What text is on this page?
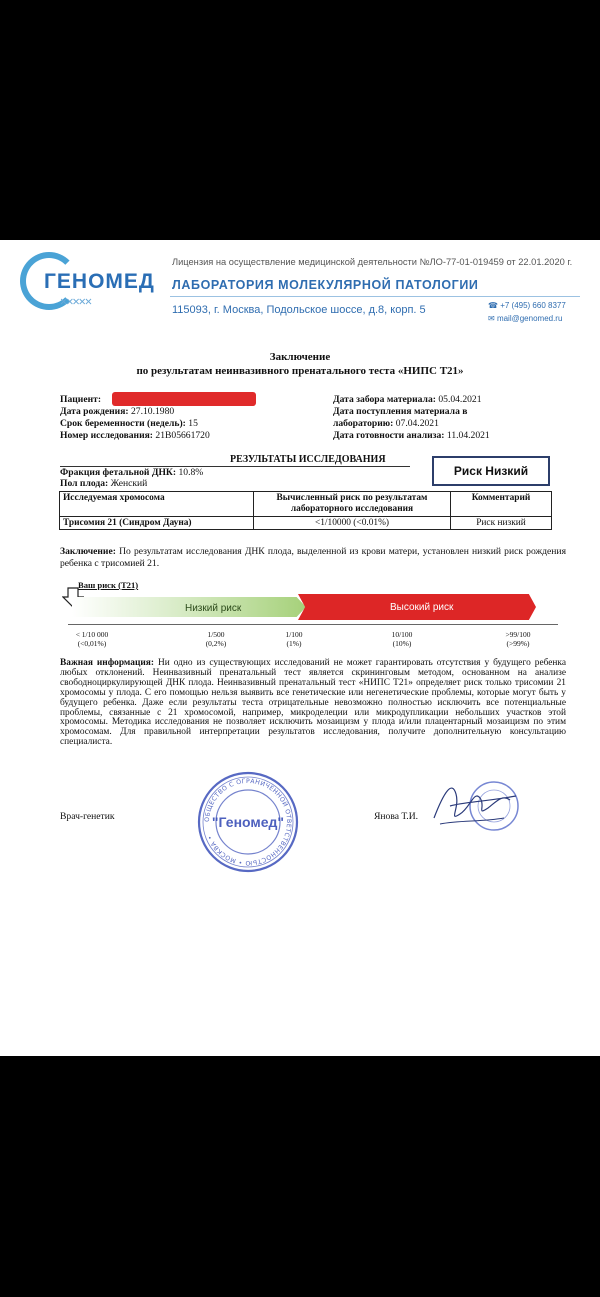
ГЕНОМЕД
✕✕✕✕✕
Лицензия на осуществление медицинской деятельности №ЛО-77-01-019459 от 22.01.2020 г.
ЛАБОРАТОРИЯ МОЛЕКУЛЯРНОЙ ПАТОЛОГИИ
115093, г. Москва, Подольское шоссе, д.8, корп. 5	☎ +7 (495) 660 8377
✉ mail@genomed.ru
Заключение
по результатам неинвазивного пренатального теста «НИПС Т21»
Пациент:
Дата рождения: 27.10.1980
Срок беременности (недель): 15
Номер исследования: 21B05661720
Дата забора материала: 05.04.2021
Дата поступления материала в
лабораторию: 07.04.2021
Дата готовности анализа: 11.04.2021
РЕЗУЛЬТАТЫ ИССЛЕДОВАНИЯ
Фракция фетальной ДНК: 10.8%
Пол плода: Женский
Риск Низкий
Исследуемая хромосома	Вычисленный риск по результатам лабораторного исследования	Комментарий
Трисомия 21 (Синдром Дауна)	<1/10000 (<0.01%)	Риск низкий
Заключение: По результатам исследования ДНК плода, выделенной из крови матери, установлен низкий риск рождения ребенка с трисомией 21.
Ваш риск (Т21)
Низкий риск	Высокий риск
< 1/10 000
(<0,01%)
1/500
(0,2%)
1/100
(1%)
10/100
(10%)
>99/100
(>99%)
Важная информация: Ни одно из существующих исследований не может гарантировать отсутствия у будущего ребенка любых отклонений. Неинвазивный пренатальный тест является скрининговым методом, основанном на анализе свободноциркулирующей ДНК плода. Неинвазивный пренатальный тест «НИПС Т21» определяет риск только трисомии 21 хромосомы у плода. С его помощью нельзя выявить все генетические или негенетические проблемы, которые могут быть у будущего ребенка. Даже если результаты теста отрицательные невозможно полностью исключить все потенциальные проблемы, связанные с 21 хромосомой, например, микроделеции или микродупликации небольших участков этой хромосомы. Методика исследования не позволяет исключить мозаицизм у плода и/или плацентарный мозаицизм по этим хромосомам. Для правильной интерпретации результатов исследования, получите дополнительную консультацию специалиста.
Врач-генетик	Янова Т.И.
ОБЩЕСТВО С ОГРАНИЧЕННОЙ ОТВЕТСТВЕННОСТЬЮ • МОСКВА •
"Геномед"
